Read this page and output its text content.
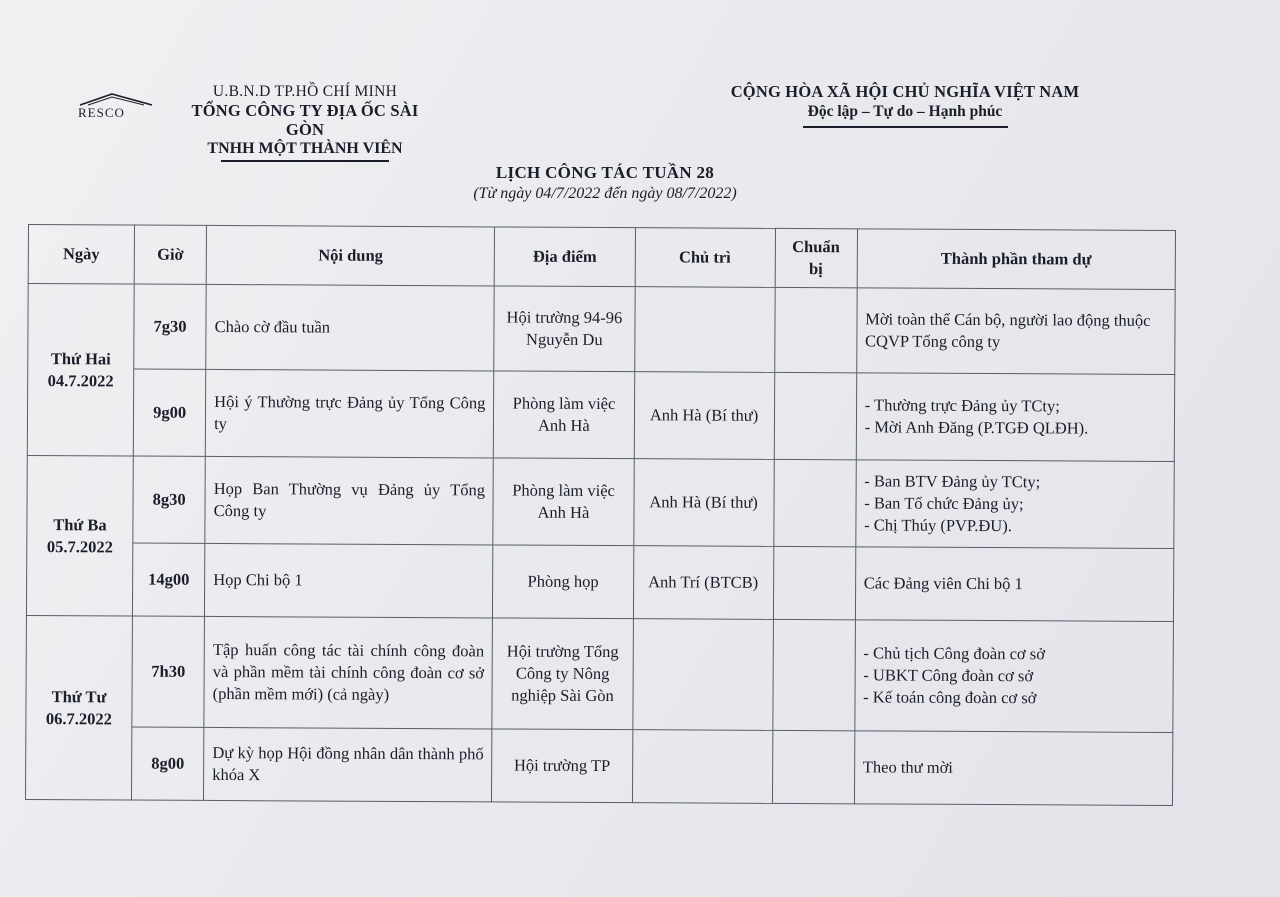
RESCO
U.B.N.D TP.HỒ CHÍ MINH
TỔNG CÔNG TY ĐỊA ỐC SÀI GÒN
TNHH MỘT THÀNH VIÊN
CỘNG HÒA XÃ HỘI CHỦ NGHĨA VIỆT NAM
Độc lập – Tự do – Hạnh phúc
LỊCH CÔNG TÁC TUẦN 28
(Từ ngày 04/7/2022 đến ngày 08/7/2022)
Ngày	Giờ	Nội dung	Địa điểm	Chủ trì	Chuẩn bị	Thành phần tham dự

Thứ Hai
04.7.2022	7g30	Chào cờ đầu tuần	Hội trường 94-96 Nguyễn Du			Mời toàn thể Cán bộ, người lao động thuộc CQVP Tổng công ty

	9g00	Hội ý Thường trực Đảng ủy Tổng Công ty	Phòng làm việc Anh Hà	Anh Hà (Bí thư)		- Thường trực Đảng ủy TCty;
- Mời Anh Đăng (P.TGĐ QLĐH).

Thứ Ba
05.7.2022	8g30	Họp Ban Thường vụ Đảng ủy Tổng Công ty	Phòng làm việc Anh Hà	Anh Hà (Bí thư)		- Ban BTV Đảng ủy TCty;
- Ban Tổ chức Đảng ủy;
- Chị Thúy (PVP.ĐU).

	14g00	Họp Chi bộ 1	Phòng họp	Anh Trí (BTCB)		Các Đảng viên Chi bộ 1

Thứ Tư
06.7.2022	7h30	Tập huấn công tác tài chính công đoàn và phần mềm tài chính công đoàn cơ sở (phần mềm mới) (cả ngày)	Hội trường Tổng Công ty Nông nghiệp Sài Gòn			- Chủ tịch Công đoàn cơ sở
- UBKT Công đoàn cơ sở
- Kế toán công đoàn cơ sở

	8g00	Dự kỳ họp Hội đồng nhân dân thành phố khóa X	Hội trường TP			Theo thư mời
